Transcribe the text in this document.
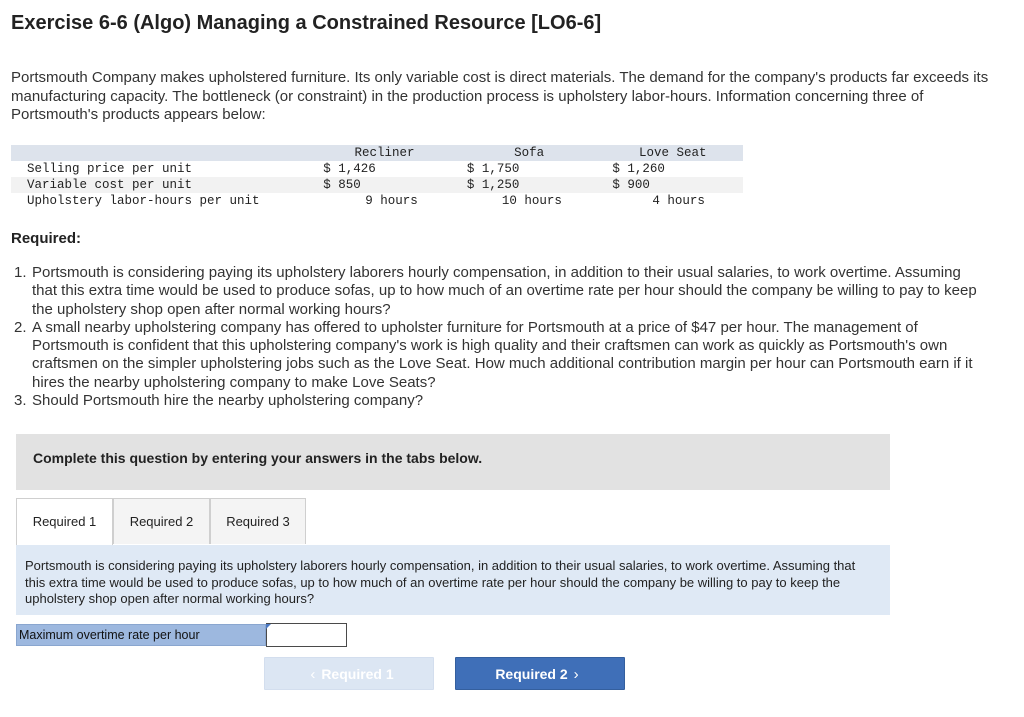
Exercise 6-6 (Algo) Managing a Constrained Resource [LO6-6]

Portsmouth Company makes upholstered furniture. Its only variable cost is direct materials. The demand for the company's products far exceeds its manufacturing capacity. The bottleneck (or constraint) in the production process is upholstery labor-hours. Information concerning three of Portsmouth's products appears below:

	Recliner	Sofa	Love Seat
Selling price per unit	$ 1,426	$ 1,750	$ 1,260
Variable cost per unit	$ 850	$ 1,250	$ 900
Upholstery labor-hours per unit	9 hours	10 hours	4 hours
Required:
1. Portsmouth is considering paying its upholstery laborers hourly compensation, in addition to their usual salaries, to work overtime. Assuming that this extra time would be used to produce sofas, up to how much of an overtime rate per hour should the company be willing to pay to keep the upholstery shop open after normal working hours?
2. A small nearby upholstering company has offered to upholster furniture for Portsmouth at a price of $47 per hour. The management of Portsmouth is confident that this upholstering company's work is high quality and their craftsmen can work as quickly as Portsmouth's own craftsmen on the simpler upholstering jobs such as the Love Seat. How much additional contribution margin per hour can Portsmouth earn if it hires the nearby upholstering company to make Love Seats?
3. Should Portsmouth hire the nearby upholstering company?

Complete this question by entering your answers in the tabs below.

Required 1	Required 2	Required 3

Portsmouth is considering paying its upholstery laborers hourly compensation, in addition to their usual salaries, to work overtime. Assuming that this extra time would be used to produce sofas, up to how much of an overtime rate per hour should the company be willing to pay to keep the upholstery shop open after normal working hours?

Maximum overtime rate per hour
‹ Required 1	Required 2 ›
